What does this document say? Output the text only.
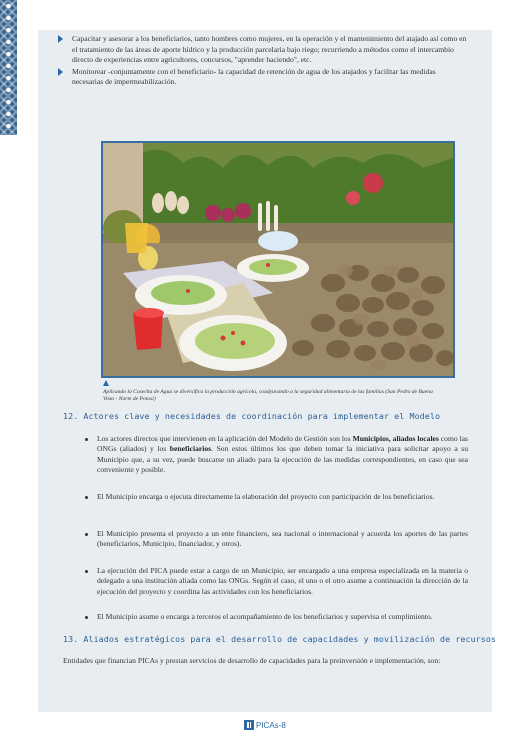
Capacitar y asesorar a los beneficiarios, tanto hombres como mujeres, en la operación y el mantenimiento del atajado así como en el tratamiento de las áreas de aporte hídrico y la producción parcelaria bajo riego; recurriendo a métodos como el intercambio directo de experiencias entre agricultores, concursos, "aprender haciendo", etc.
Monitorear -conjuntamente con el beneficiario- la capacidad de retención de agua de los atajados y facilitar las medidas necesarias de impermeabilización.
Aplicando la Cosecha de Agua se diversifica la producción agrícola, coadyuvando a la seguridad alimentaria de las familias (San Pedro de Buena Vista - Norte de Potosí)
12. Actores clave y necesidades de coordinación para implementar el Modelo
Los actores directos que intervienen en la aplicación del Modelo de Gestión son los Municipios, aliados locales como las ONGs (aliados) y los beneficiarios. Son estos últimos los que deben tomar la iniciativa para solicitar apoyo a su Municipio que, a su vez, puede buscarse un aliado para la ejecución de las medidas correspondientes, en caso que sea conveniente y posible.
El Municipio encarga o ejecuta directamente la elaboración del proyecto con participación de los beneficiarios.
El Municipio presenta el proyecto a un ente financiero, sea nacional o internacional y acuerda los aportes de las partes (beneficiarios, Municipio, financiador, y otros).
La ejecución del PICA puede estar a cargo de un Municipio, ser encargado a una empresa especializada en la materia o delegado a una institución aliada como las ONGs. Según el caso, el uno o el otro asume a continuación la dirección de la ejecución del proyecto y coordina las actividades con los beneficiarios.
El Municipio asume o encarga a terceros el acompañamiento de los beneficiarios y supervisa el cumplimiento.
13. Aliados estratégicos para el desarrollo de capacidades y movilización de recursos
Entidades que financian PICAs y prestan servicios de desarrollo de capacidades para la preinversión e implementación, son:
PICAs-8
